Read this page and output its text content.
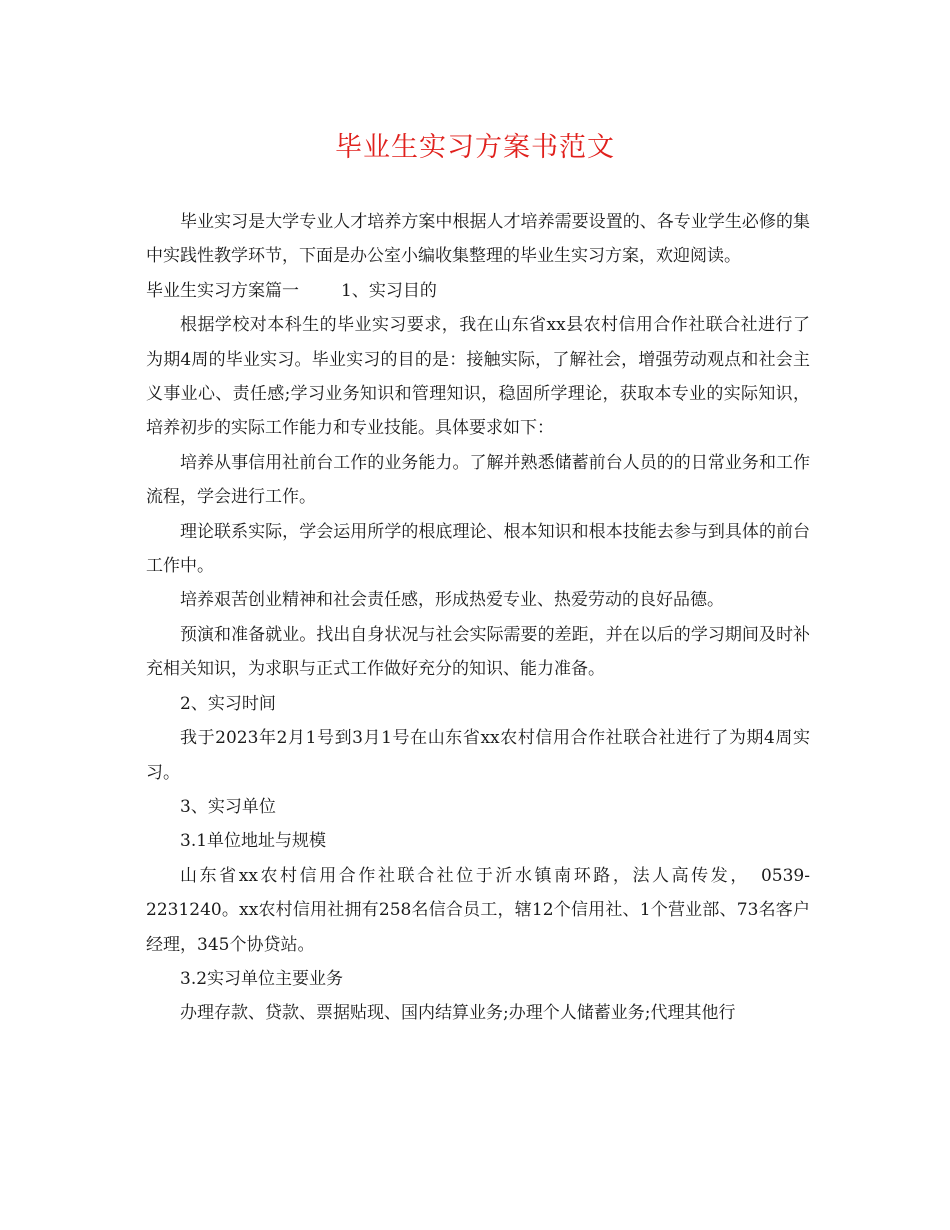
毕业生实习方案书范文

毕业实习是大学专业人才培养方案中根据人才培养需要设置的、各专业学生必修的集中实践性教学环节，下面是办公室小编收集整理的毕业生实习方案，欢迎阅读。

毕业生实习方案篇一 1、实习目的

根据学校对本科生的毕业实习要求，我在山东省xx县农村信用合作社联合社进行了为期4周的毕业实习。毕业实习的目的是：接触实际，了解社会，增强劳动观点和社会主义事业心、责任感;学习业务知识和管理知识，稳固所学理论，获取本专业的实际知识，培养初步的实际工作能力和专业技能。具体要求如下：

培养从事信用社前台工作的业务能力。了解并熟悉储蓄前台人员的的日常业务和工作流程，学会进行工作。

理论联系实际，学会运用所学的根底理论、根本知识和根本技能去参与到具体的前台工作中。

培养艰苦创业精神和社会责任感，形成热爱专业、热爱劳动的良好品德。

预演和准备就业。找出自身状况与社会实际需要的差距，并在以后的学习期间及时补充相关知识，为求职与正式工作做好充分的知识、能力准备。

2、实习时间

我于2023年2月1号到3月1号在山东省xx农村信用合作社联合社进行了为期4周实习。

3、实习单位

3.1单位地址与规模

山东省xx农村信用合作社联合社位于沂水镇南环路，法人高传发，　0539-2231240。xx农村信用社拥有258名信合员工，辖12个信用社、1个营业部、73名客户经理，345个协贷站。

3.2实习单位主要业务

办理存款、贷款、票据贴现、国内结算业务;办理个人储蓄业务;代理其他行
